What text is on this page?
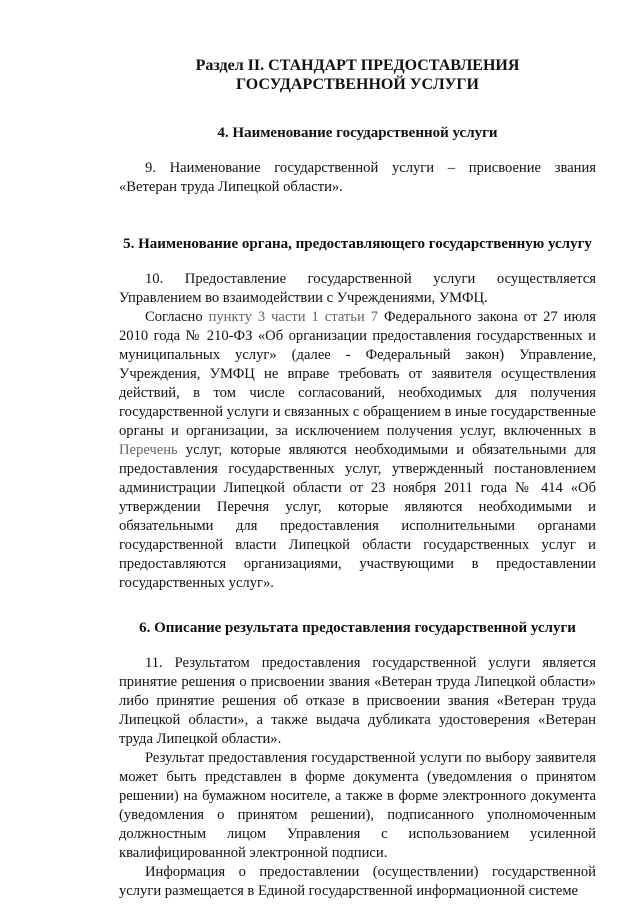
Раздел II. СТАНДАРТ ПРЕДОСТАВЛЕНИЯ ГОСУДАРСТВЕННОЙ УСЛУГИ
4. Наименование государственной услуги

9. Наименование государственной услуги – присвоение звания «Ветеран труда Липецкой области».

5. Наименование органа, предоставляющего государственную услугу

10. Предоставление государственной услуги осуществляется Управлением во взаимодействии с Учреждениями, УМФЦ.

Согласно пункту 3 части 1 статьи 7 Федерального закона от 27 июля 2010 года № 210-ФЗ «Об организации предоставления государственных и муниципальных услуг» (далее - Федеральный закон) Управление, Учреждения, УМФЦ не вправе требовать от заявителя осуществления действий, в том числе согласований, необходимых для получения государственной услуги и связанных с обращением в иные государственные органы и организации, за исключением получения услуг, включенных в Перечень услуг, которые являются необходимыми и обязательными для предоставления государственных услуг, утвержденный постановлением администрации Липецкой области от 23 ноября 2011 года № 414 «Об утверждении Перечня услуг, которые являются необходимыми и обязательными для предоставления исполнительными органами государственной власти Липецкой области государственных услуг и предоставляются организациями, участвующими в предоставлении государственных услуг».

6. Описание результата предоставления государственной услуги

11. Результатом предоставления государственной услуги является принятие решения о присвоении звания «Ветеран труда Липецкой области» либо принятие решения об отказе в присвоении звания «Ветеран труда Липецкой области», а также выдача дубликата удостоверения «Ветеран труда Липецкой области».

Результат предоставления государственной услуги по выбору заявителя может быть представлен в форме документа (уведомления о принятом решении) на бумажном носителе, а также в форме электронного документа (уведомления о принятом решении), подписанного уполномоченным должностным лицом Управления с использованием усиленной квалифицированной электронной подписи.

Информация о предоставлении (осуществлении) государственной услуги размещается в Единой государственной информационной системе
